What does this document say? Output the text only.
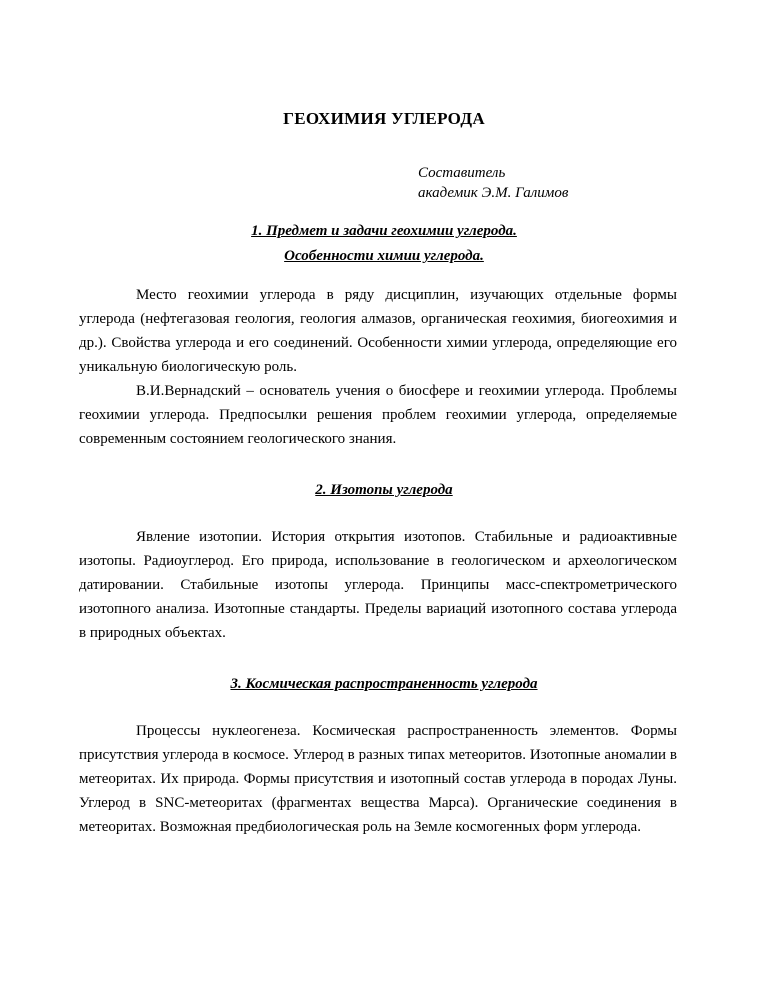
ГЕОХИМИЯ УГЛЕРОДА
Составитель
академик Э.М. Галимов
1. Предмет и задачи геохимии углерода.
Особенности химии углерода.

Место геохимии углерода в ряду дисциплин, изучающих отдельные формы углерода (нефтегазовая геология, геология алмазов, органическая геохимия, биогеохимия и др.). Свойства углерода и его соединений. Особенности химии углерода, определяющие его уникальную биологическую роль.

В.И.Вернадский – основатель учения о биосфере и геохимии углерода. Проблемы геохимии углерода. Предпосылки решения проблем геохимии углерода, определяемые современным состоянием геологического знания.

2. Изотопы углерода

Явление изотопии. История открытия изотопов. Стабильные и радиоактивные изотопы. Радиоуглерод. Его природа, использование в геологическом и археологическом датировании. Стабильные изотопы углерода. Принципы масс-спектрометрического изотопного анализа. Изотопные стандарты. Пределы вариаций изотопного состава углерода в природных объектах.

3. Космическая распространенность углерода

Процессы нуклеогенеза. Космическая распространенность элементов. Формы присутствия углерода в космосе. Углерод в разных типах метеоритов. Изотопные аномалии в метеоритах. Их природа. Формы присутствия и изотопный состав углерода в породах Луны. Углерод в SNC-метеоритах (фрагментах вещества Марса). Органические соединения в метеоритах. Возможная предбиологическая роль на Земле космогенных форм углерода.
